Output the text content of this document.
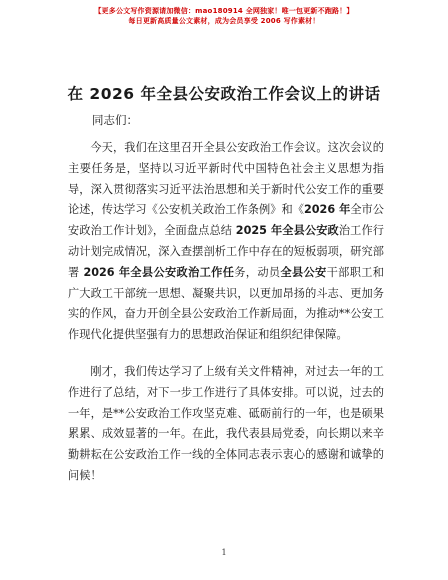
【更多公文写作资源请加微信：mao180914 全网独家！唯一包更新不跑路！】
每日更新高质量公文素材，成为会员享受 2006 写作素材！
在 2026 年全县公安政治工作会议上的讲话
同志们：

今天，我们在这里召开全县公安政治工作会议。这次会议的主要任务是，坚持以习近平新时代中国特色社会主义思想为指导，深入贯彻落实习近平法治思想和关于新时代公安工作的重要论述，传达学习《公安机关政治工作条例》和《2026 年全市公安政治工作计划》，全面盘点总结 2025 年全县公安政治工作行动计划完成情况，深入查摆剖析工作中存在的短板弱项，研究部署 2026 年全县公安政治工作任务，动员全县公安干部职工和广大政工干部统一思想、凝聚共识，以更加昂扬的斗志、更加务实的作风，奋力开创全县公安政治工作新局面，为推动**公安工作现代化提供坚强有力的思想政治保证和组织纪律保障。

刚才，我们传达学习了上级有关文件精神，对过去一年的工作进行了总结，对下一步工作进行了具体安排。可以说，过去的一年，是**公安政治工作攻坚克难、砥砺前行的一年，也是硕果累累、成效显著的一年。在此，我代表县局党委，向长期以来辛勤耕耘在公安政治工作一线的全体同志表示衷心的感谢和诚挚的问候！

1
